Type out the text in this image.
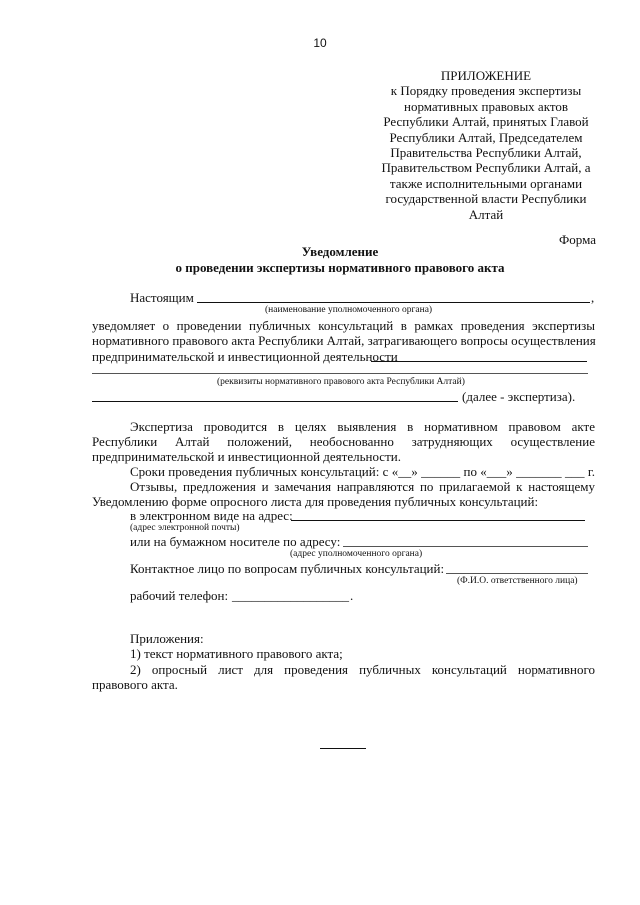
10
ПРИЛОЖЕНИЕ
к Порядку проведения экспертизы
нормативных правовых актов
Республики Алтай, принятых Главой
Республики Алтай, Председателем
Правительства Республики Алтай,
Правительством Республики Алтай, а
также исполнительными органами
государственной власти Республики
Алтай
Форма
Уведомление
о проведении экспертизы нормативного правового акта
Настоящим	,
(наименование уполномоченного органа)
уведомляет о проведении публичных консультаций в рамках проведения экспертизы
нормативного правового акта Республики Алтай, затрагивающего вопросы осуществления
предпринимательской и инвестиционной деятельности
(реквизиты нормативного правового акта Республики Алтай)
(далее - экспертиза).
Экспертиза проводится в целях выявления в нормативном правовом акте
Республики Алтай положений, необоснованно затрудняющих осуществление
предпринимательской и инвестиционной деятельности.
Сроки проведения публичных консультаций: с «__» ______ по «___» _______ ___ г.
Отзывы, предложения и замечания направляются по прилагаемой к настоящему
Уведомлению форме опросного листа для проведения публичных консультаций:
в электронном виде на адрес:
(адрес электронной почты)
или на бумажном носителе по адресу:
(адрес уполномоченного органа)
Контактное лицо по вопросам публичных консультаций:
(Ф.И.О. ответственного лица)
рабочий телефон: __________________ .
Приложения:
1) текст нормативного правового акта;
2) опросный лист для проведения публичных консультаций нормативного
правового акта.
